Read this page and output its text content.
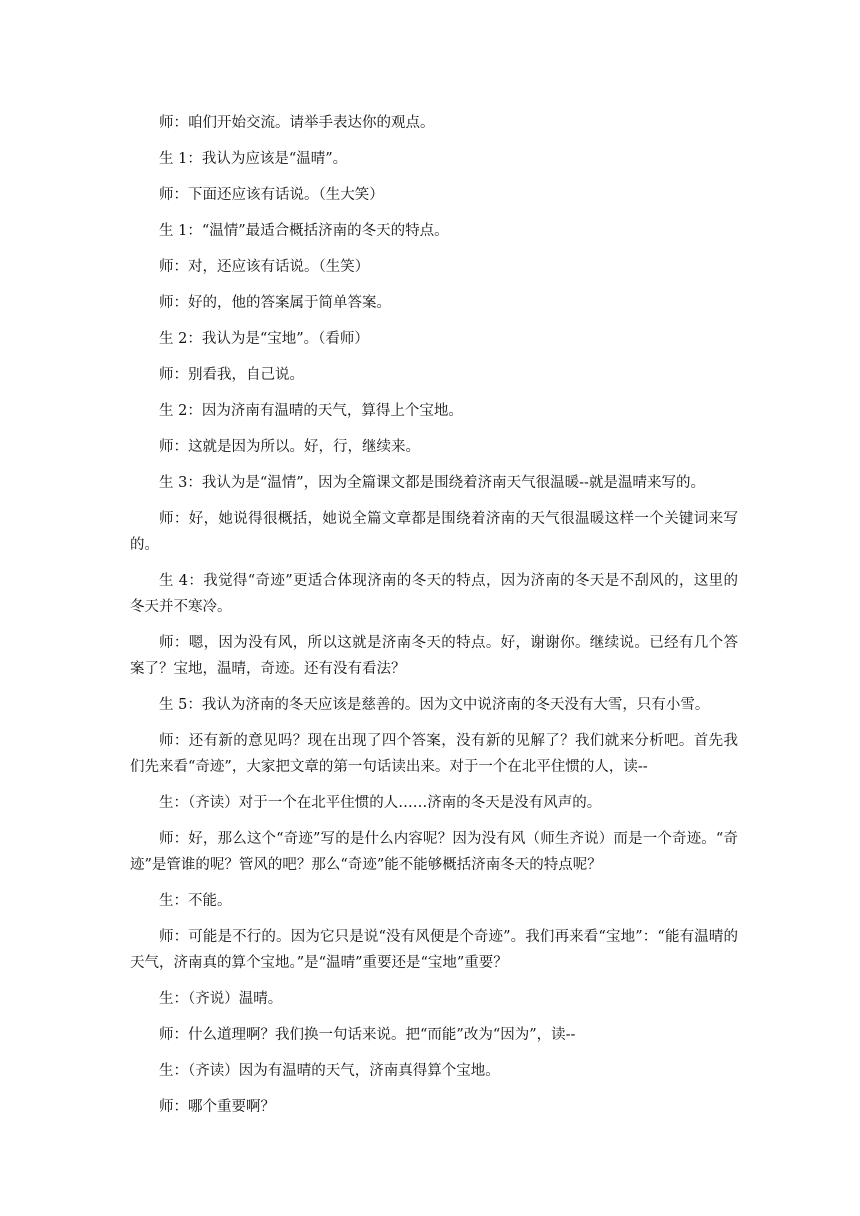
师：咱们开始交流。请举手表达你的观点。

生 1：我认为应该是“温晴”。

师：下面还应该有话说。（生大笑）

生 1：“温情”最适合概括济南的冬天的特点。

师：对，还应该有话说。（生笑）

师：好的，他的答案属于简单答案。

生 2：我认为是“宝地”。（看师）

师：别看我，自己说。

生 2：因为济南有温晴的天气，算得上个宝地。

师：这就是因为所以。好，行，继续来。

生 3：我认为是“温情”，因为全篇课文都是围绕着济南天气很温暖--就是温晴来写的。

师：好，她说得很概括，她说全篇文章都是围绕着济南的天气很温暖这样一个关键词来写的。

生 4：我觉得“奇迹”更适合体现济南的冬天的特点，因为济南的冬天是不刮风的，这里的冬天并不寒冷。

师：嗯，因为没有风，所以这就是济南冬天的特点。好，谢谢你。继续说。已经有几个答案了？宝地，温晴，奇迹。还有没有看法？

生 5：我认为济南的冬天应该是慈善的。因为文中说济南的冬天没有大雪，只有小雪。

师：还有新的意见吗？现在出现了四个答案，没有新的见解了？我们就来分析吧。首先我们先来看“奇迹”，大家把文章的第一句话读出来。对于一个在北平住惯的人，读--

生：（齐读）对于一个在北平住惯的人……济南的冬天是没有风声的。

师：好，那么这个“奇迹”写的是什么内容呢？因为没有风（师生齐说）而是一个奇迹。“奇迹”是管谁的呢？管风的吧？那么“奇迹”能不能够概括济南冬天的特点呢？

生：不能。

师：可能是不行的。因为它只是说“没有风便是个奇迹”。我们再来看“宝地”：“能有温晴的天气，济南真的算个宝地。”是“温晴”重要还是“宝地”重要？

生：（齐说）温晴。

师：什么道理啊？我们换一句话来说。把“而能”改为“因为”，读--

生：（齐读）因为有温晴的天气，济南真得算个宝地。

师：哪个重要啊？
